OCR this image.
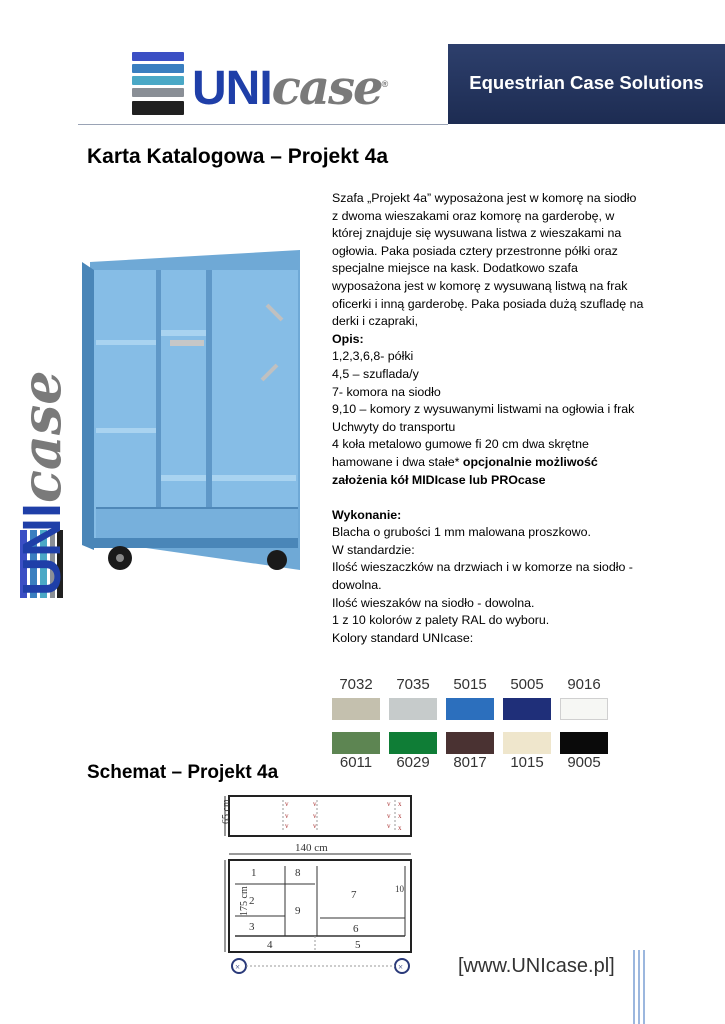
UNIcase®	Equestrian Case Solutions
Karta Katalogowa – Projekt 4a
UNIcase

Szafa „Projekt 4a” wyposażona jest w komorę na siodło z dwoma wieszakami oraz komorę na garderobę, w której znajduje się wysuwana listwa z wieszakami na ogłowia. Paka posiada cztery przestronne półki oraz specjalne miejsce na kask. Dodatkowo szafa wyposażona jest w komorę z wysuwaną listwą na frak oficerki i inną garderobę. Paka posiada dużą szufladę na derki i czapraki,

Opis:

1,2,3,6,8- półki

4,5 – szuflada/y

7- komora na siodło

9,10 – komory z wysuwanymi listwami na ogłowia i frak

Uchwyty do transportu

4 koła metalowo gumowe fi 20 cm dwa skrętne hamowane i dwa stałe* opcjonalnie możliwość założenia kół MIDIcase lub PROcase

Wykonanie:

Blacha o grubości 1 mm malowana proszkowo.

W standardzie:

Ilość wieszaczków na drzwiach i w komorze na siodło - dowolna.

Ilość wieszaków na siodło - dowolna.

1 z 10 kolorów z palety RAL do wyboru.

Kolory standard UNIcase:

7032	7035	5015	5005	9016
6011	6029	8017	1015	9005
Schemat – Projekt 4a
v
v
v
v
v
v
v
v
v
x
x
x
65 cm
140 cm
1
2
3
4	5
6
7
8
9
10
175 cm
×	×	[www.UNIcase.pl]
